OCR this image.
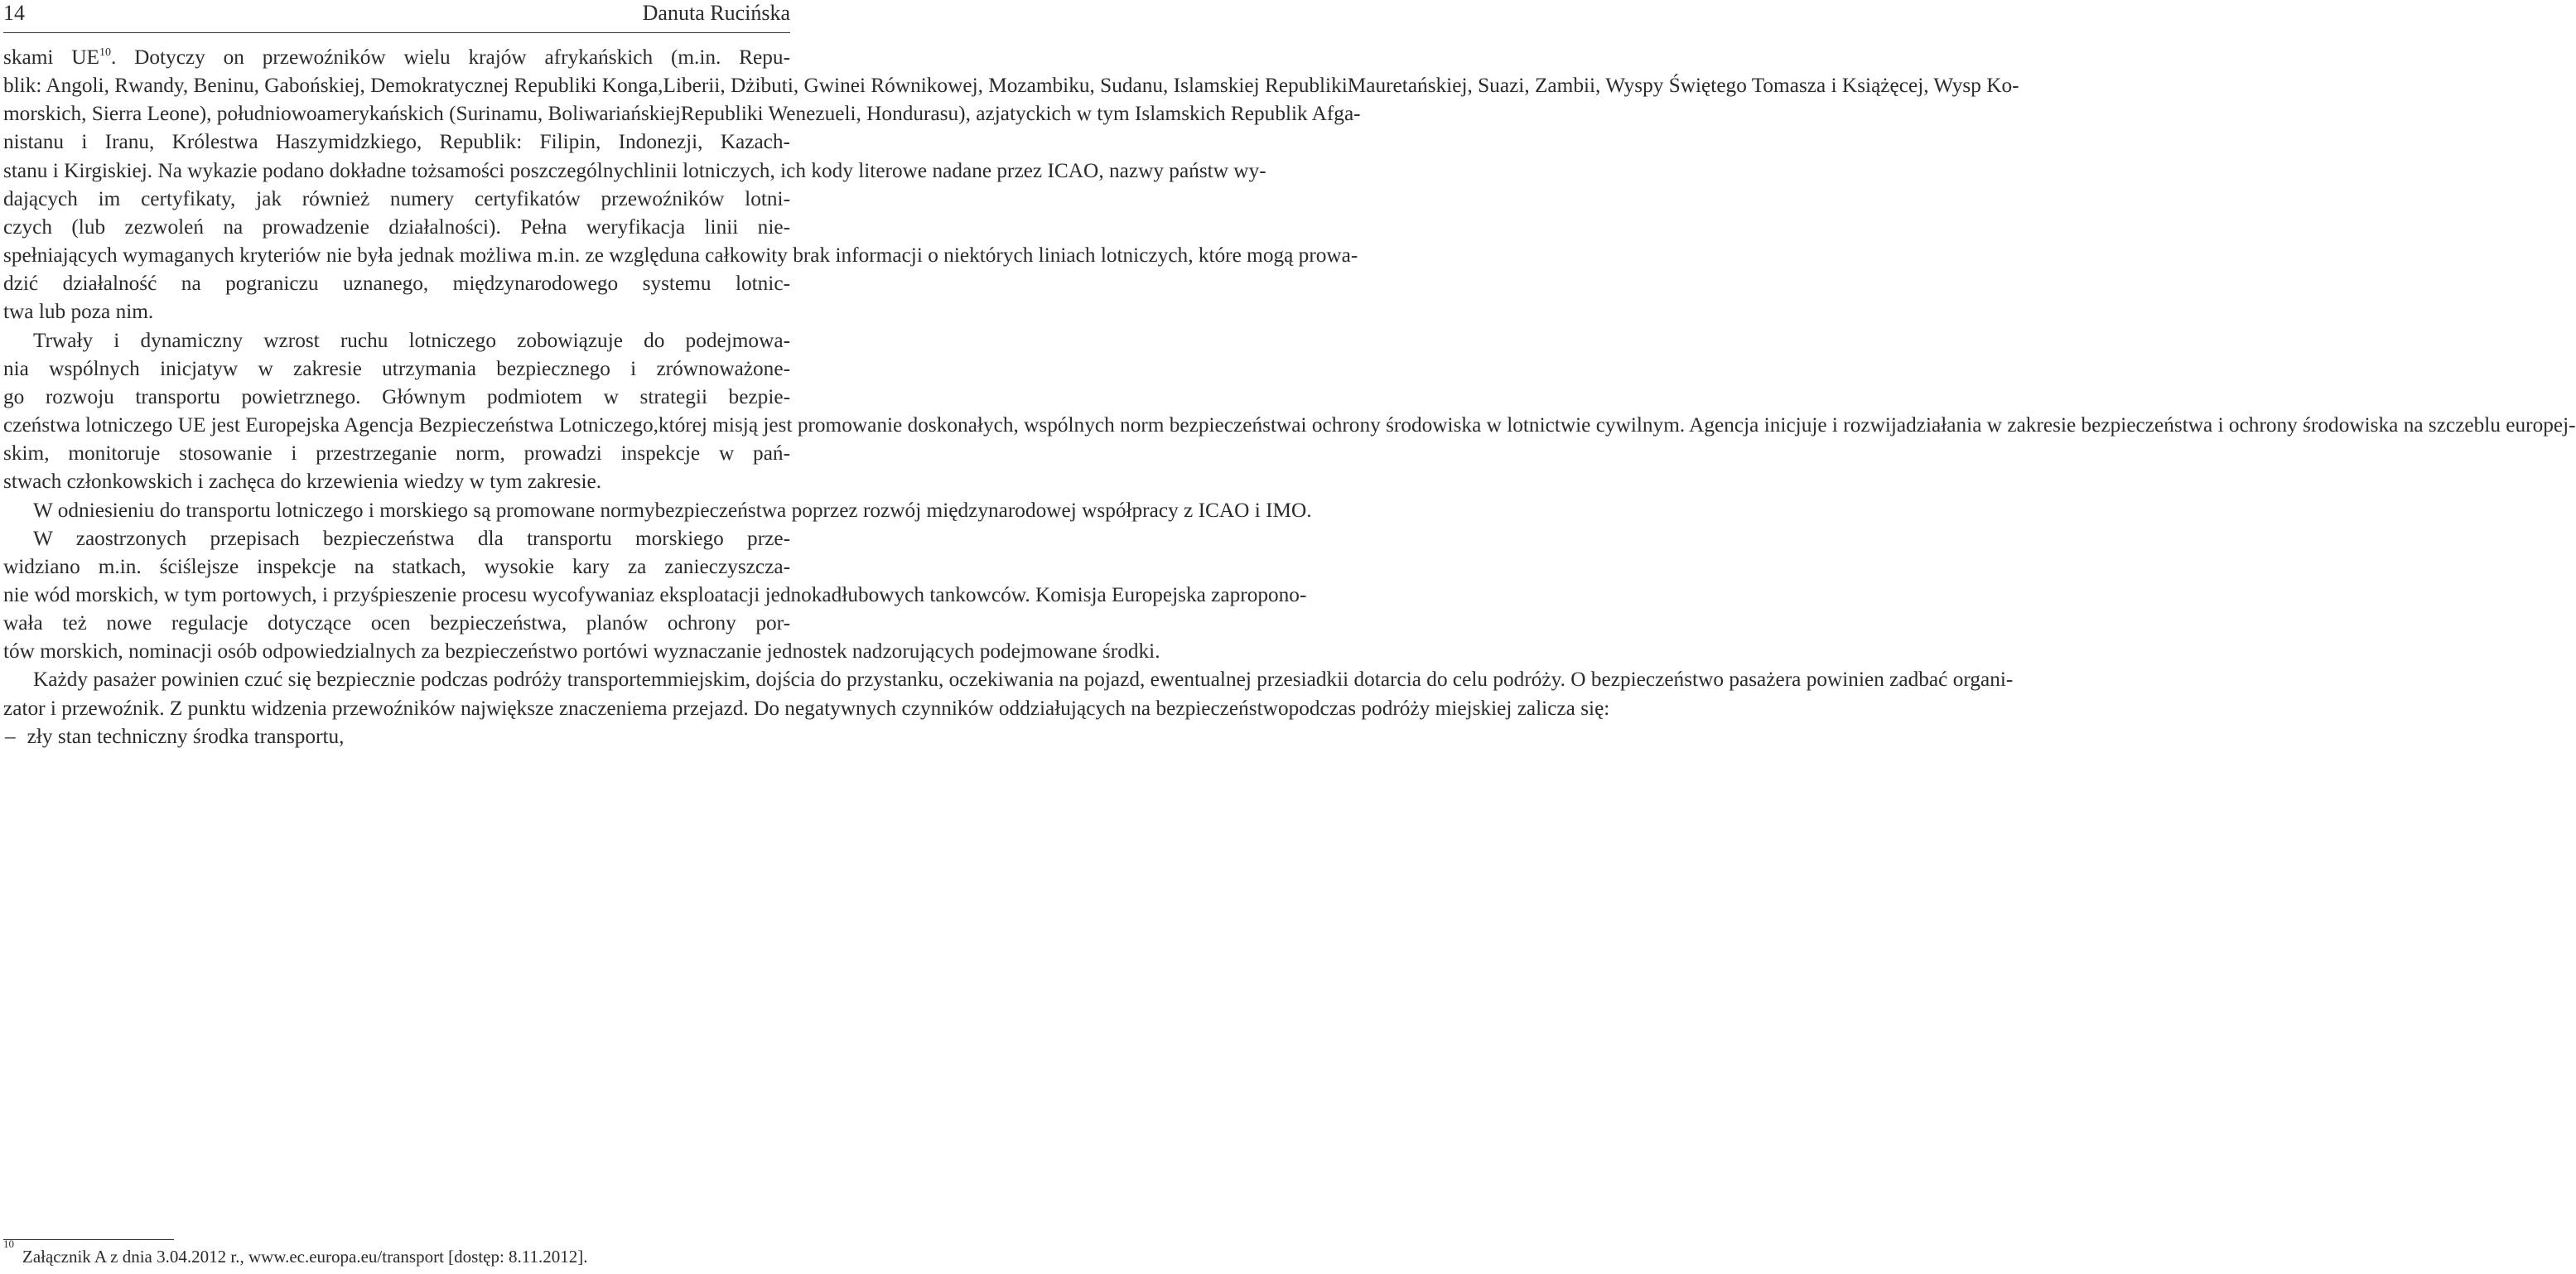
14	Danuta Rucińska
skami UE$^{10}$. Dotyczy on przewoźników wielu krajów afrykańskich (m.in. Repu-blik: Angoli, Rwandy, Beninu, Gabońskiej, Demokratycznej Republiki Konga,Liberii, Dżibuti, Gwinei Równikowej, Mozambiku, Sudanu, Islamskiej RepublikiMauretańskiej, Suazi, Zambii, Wyspy Świętego Tomasza i Książęcej, Wysp Ko-morskich, Sierra Leone), południowoamerykańskich (Surinamu, BoliwariańskiejRepubliki Wenezueli, Hondurasu), azjatyckich w tym Islamskich Republik Afga-nistanu i Iranu, Królestwa Haszymidzkiego, Republik: Filipin, Indonezji, Kazach-stanu i Kirgiskiej. Na wykazie podano dokładne tożsamości poszczególnychlinii lotniczych, ich kody literowe nadane przez ICAO, nazwy państw wy-dających im certyfikaty, jak również numery certyfikatów przewoźników lotni-czych (lub zezwoleń na prowadzenie działalności). Pełna weryfikacja linii nie-spełniających wymaganych kryteriów nie była jednak możliwa m.in. ze względuna całkowity brak informacji o niektórych liniach lotniczych, które mogą prowa-dzić działalność na pograniczu uznanego, międzynarodowego systemu lotnic-twa lub poza nim.
Trwały i dynamiczny wzrost ruchu lotniczego zobowiązuje do podejmowa-nia wspólnych inicjatyw w zakresie utrzymania bezpiecznego i zrównoważone-go rozwoju transportu powietrznego. Głównym podmiotem w strategii bezpie-czeństwa lotniczego UE jest Europejska Agencja Bezpieczeństwa Lotniczego,której misją jest promowanie doskonałych, wspólnych norm bezpieczeństwai ochrony środowiska w lotnictwie cywilnym. Agencja inicjuje i rozwijadziałania w zakresie bezpieczeństwa i ochrony środowiska na szczeblu europej-skim, monitoruje stosowanie i przestrzeganie norm, prowadzi inspekcje w pań-stwach członkowskich i zachęca do krzewienia wiedzy w tym zakresie.
W odniesieniu do transportu lotniczego i morskiego są promowane normybezpieczeństwa poprzez rozwój międzynarodowej współpracy z ICAO i IMO.
W zaostrzonych przepisach bezpieczeństwa dla transportu morskiego prze-widziano m.in. ściślejsze inspekcje na statkach, wysokie kary za zanieczyszcza-nie wód morskich, w tym portowych, i przyśpieszenie procesu wycofywaniaz eksploatacji jednokadłubowych tankowców. Komisja Europejska zapropono-wała też nowe regulacje dotyczące ocen bezpieczeństwa, planów ochrony por-tów morskich, nominacji osób odpowiedzialnych za bezpieczeństwo portówi wyznaczanie jednostek nadzorujących podejmowane środki.
Każdy pasażer powinien czuć się bezpiecznie podczas podróży transportemmiejskim, dojścia do przystanku, oczekiwania na pojazd, ewentualnej przesiadkii dotarcia do celu podróży. O bezpieczeństwo pasażera powinien zadbać organi-zator i przewoźnik. Z punktu widzenia przewoźników największe znaczeniema przejazd. Do negatywnych czynników oddziałujących na bezpieczeństwopodczas podróży miejskiej zalicza się:
– zły stan techniczny środka transportu,
10
Załącznik A z dnia 3.04.2012 r., www.ec.europa.eu/transport [dostęp: 8.11.2012].
